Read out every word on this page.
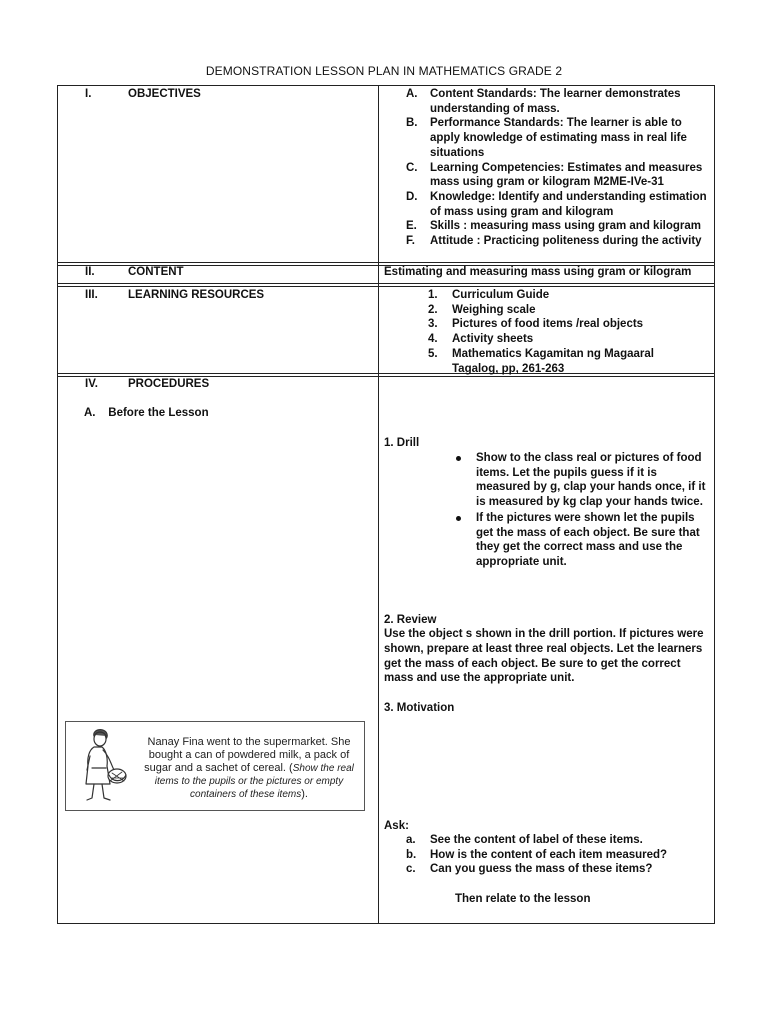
DEMONSTRATION LESSON PLAN IN MATHEMATICS GRADE 2
I.	OBJECTIVES	A. Content Standards: The learner demonstrates understanding of mass.
B. Performance Standards: The learner is able to apply knowledge of estimating mass in real life situations
C. Learning Competencies: Estimates and measures mass using gram or kilogram M2ME-IVe-31
D. Knowledge: Identify and understanding estimation of mass using gram and kilogram
E. Skills : measuring mass using gram and kilogram
F. Attitude : Practicing politeness during the activity
II.	CONTENT	Estimating and measuring mass using gram or kilogram
III.	LEARNING RESOURCES	1. Curriculum Guide
2. Weighing scale
3. Pictures of food items /real objects
4. Activity sheets
5. Mathematics Kagamitan ng Magaaral Tagalog, pp, 261-263
IV.	PROCEDURES
A.    Before the Lesson
1. Drill
Show to the class real or pictures of food items. Let the pupils guess if it is measured by g, clap your hands once, if it is measured by kg clap your hands twice.
If the pictures were shown let the pupils get the mass of each object. Be sure that they get the correct mass and use the appropriate unit.
2. Review
Use the object s shown in the drill portion. If pictures were shown, prepare at least three real objects. Let the learners get the mass of each object. Be sure to get the correct mass and use the appropriate unit.
3. Motivation
Nanay Fina went to the supermarket. She bought a can of powdered milk, a pack of sugar and a sachet of cereal. (Show the real items to the pupils or the pictures or empty containers of these items).
Ask:
a. See the content of label of these items.
b. How is the content of each item measured?
c. Can you guess the mass of these items?
Then relate to the lesson
